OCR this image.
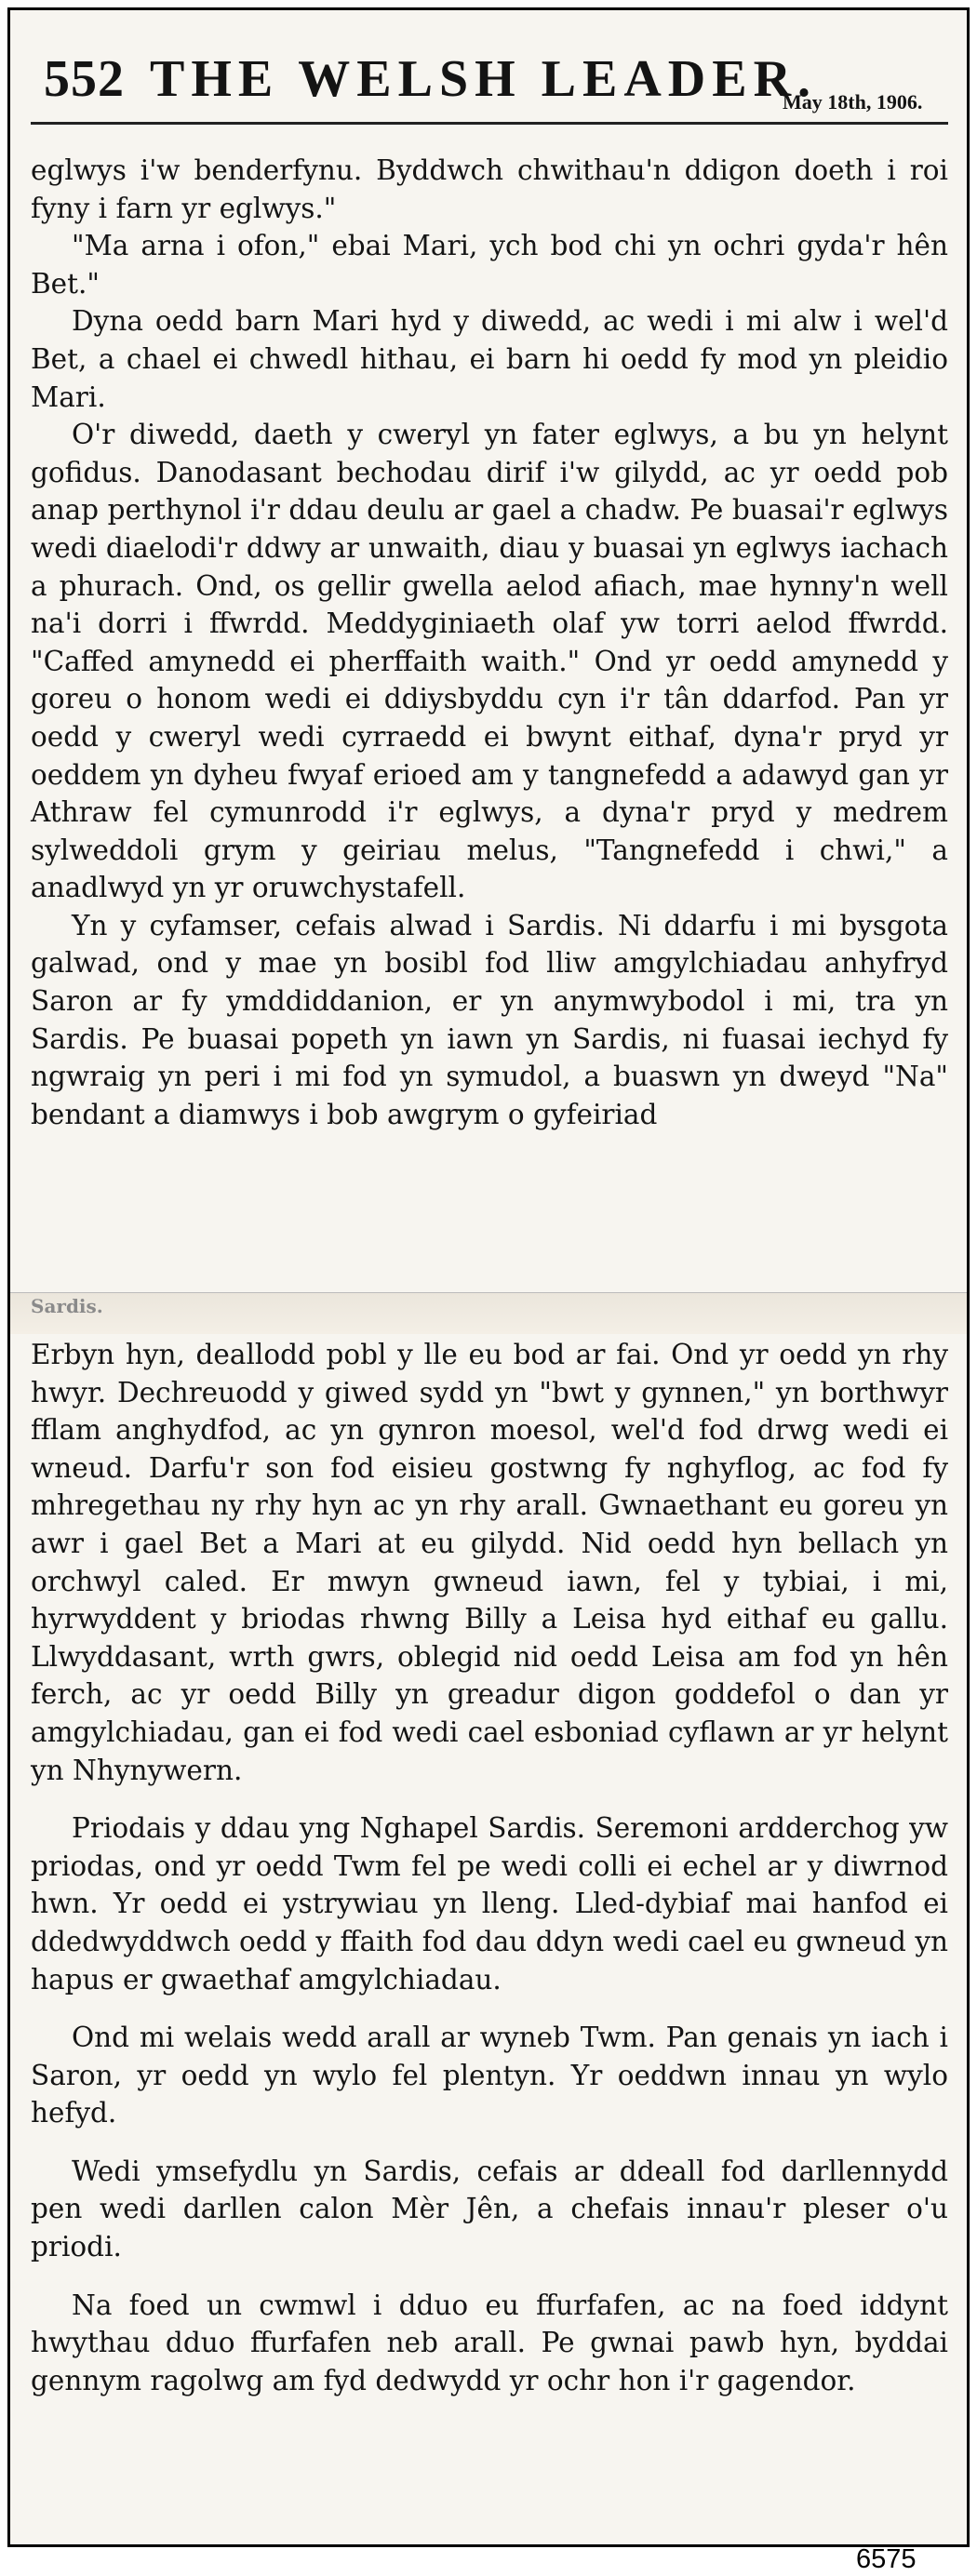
552 THE WELSH LEADER.
May 18th, 1906.

eglwys i'w benderfynu. Byddwch chwithau'n ddigon doeth i roi fyny i farn yr eglwys."

"Ma arna i ofon," ebai Mari, ych bod chi yn ochri gyda'r hên Bet."

Dyna oedd barn Mari hyd y diwedd, ac wedi i mi alw i wel'd Bet, a chael ei chwedl hithau, ei barn hi oedd fy mod yn pleidio Mari.

O'r diwedd, daeth y cweryl yn fater eglwys, a bu yn helynt gofidus. Danodasant bechodau dirif i'w gilydd, ac yr oedd pob anap perthynol i'r ddau deulu ar gael a chadw. Pe buasai'r eglwys wedi diaelodi'r ddwy ar unwaith, diau y buasai yn eglwys iachach a phurach. Ond, os gellir gwella aelod afiach, mae hynny'n well na'i dorri i ffwrdd. Meddyginiaeth olaf yw torri aelod ffwrdd. "Caffed amynedd ei pherffaith waith." Ond yr oedd amynedd y goreu o honom wedi ei ddiysbyddu cyn i'r tân ddarfod. Pan yr oedd y cweryl wedi cyrraedd ei bwynt eithaf, dyna'r pryd yr oeddem yn dyheu fwyaf erioed am y tangnefedd a adawyd gan yr Athraw fel cymunrodd i'r eglwys, a dyna'r pryd y medrem sylweddoli grym y geiriau melus, "Tangnefedd i chwi," a anadlwyd yn yr oruwchystafell.

Yn y cyfamser, cefais alwad i Sardis. Ni ddarfu i mi bysgota galwad, ond y mae yn bosibl fod lliw amgylchiadau anhyfryd Saron ar fy ymddiddanion, er yn anymwybodol i mi, tra yn Sardis. Pe buasai popeth yn iawn yn Sardis, ni fuasai iechyd fy ngwraig yn peri i mi fod yn symudol, a buaswn yn dweyd "Na" bendant a diamwys i bob awgrym o gyfeiriad

Sardis.

Erbyn hyn, deallodd pobl y lle eu bod ar fai. Ond yr oedd yn rhy hwyr. Dechreuodd y giwed sydd yn "bwt y gynnen," yn borthwyr fflam anghydfod, ac yn gynron moesol, wel'd fod drwg wedi ei wneud. Darfu'r son fod eisieu gostwng fy nghyflog, ac fod fy mhregethau ny rhy hyn ac yn rhy arall. Gwnaethant eu goreu yn awr i gael Bet a Mari at eu gilydd. Nid oedd hyn bellach yn orchwyl caled. Er mwyn gwneud iawn, fel y tybiai, i mi, hyrwyddent y briodas rhwng Billy a Leisa hyd eithaf eu gallu. Llwyddasant, wrth gwrs, oblegid nid oedd Leisa am fod yn hên ferch, ac yr oedd Billy yn greadur digon goddefol o dan yr amgylchiadau, gan ei fod wedi cael esboniad cyflawn ar yr helynt yn Nhynywern.

Priodais y ddau yng Nghapel Sardis. Seremoni ardderchog yw priodas, ond yr oedd Twm fel pe wedi colli ei echel ar y diwrnod hwn. Yr oedd ei ystrywiau yn lleng. Lled-dybiaf mai hanfod ei ddedwyddwch oedd y ffaith fod dau ddyn wedi cael eu gwneud yn hapus er gwaethaf amgylchiadau.

Ond mi welais wedd arall ar wyneb Twm. Pan genais yn iach i Saron, yr oedd yn wylo fel plentyn. Yr oeddwn innau yn wylo hefyd.

Wedi ymsefydlu yn Sardis, cefais ar ddeall fod darllennydd pen wedi darllen calon Mèr Jên, a chefais innau'r pleser o'u priodi.

Na foed un cwmwl i dduo eu ffurfafen, ac na foed iddynt hwythau dduo ffurfafen neb arall. Pe gwnai pawb hyn, byddai gennym ragolwg am fyd dedwydd yr ochr hon i'r gagendor.

6575
